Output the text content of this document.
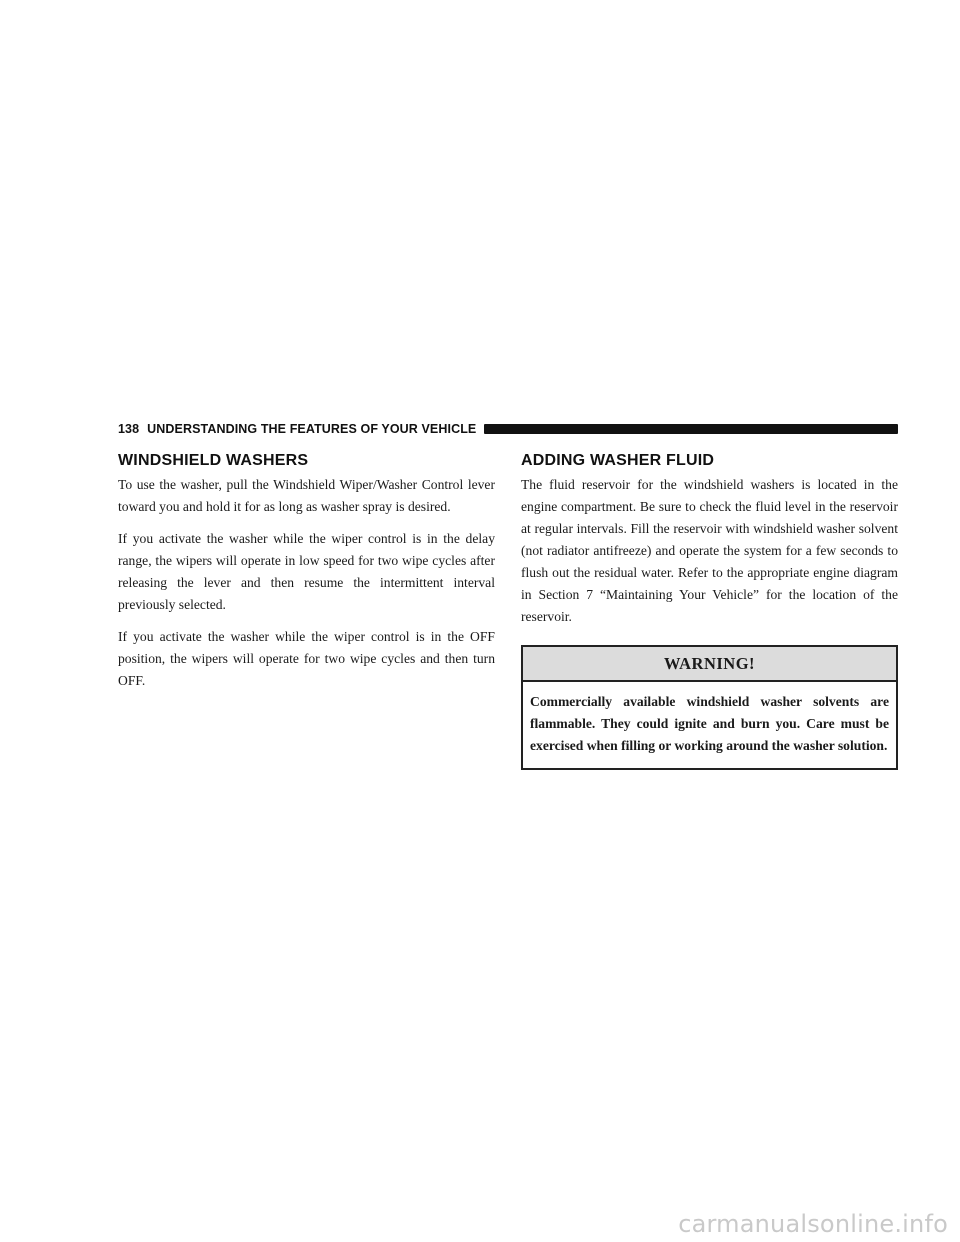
138 UNDERSTANDING THE FEATURES OF YOUR VEHICLE
WINDSHIELD WASHERS

To use the washer, pull the Windshield Wiper/Washer Control lever toward you and hold it for as long as washer spray is desired.

If you activate the washer while the wiper control is in the delay range, the wipers will operate in low speed for two wipe cycles after releasing the lever and then resume the intermittent interval previously selected.

If you activate the washer while the wiper control is in the OFF position, the wipers will operate for two wipe cycles and then turn OFF.

ADDING WASHER FLUID

The fluid reservoir for the windshield washers is located in the engine compartment. Be sure to check the fluid level in the reservoir at regular intervals. Fill the reservoir with windshield washer solvent (not radiator antifreeze) and operate the system for a few seconds to flush out the residual water. Refer to the appropriate engine diagram in Section 7 “Maintaining Your Vehicle” for the location of the reservoir.

WARNING!
Commercially available windshield washer solvents are flammable. They could ignite and burn you. Care must be exercised when filling or working around the washer solution.
carmanualsonline.info
